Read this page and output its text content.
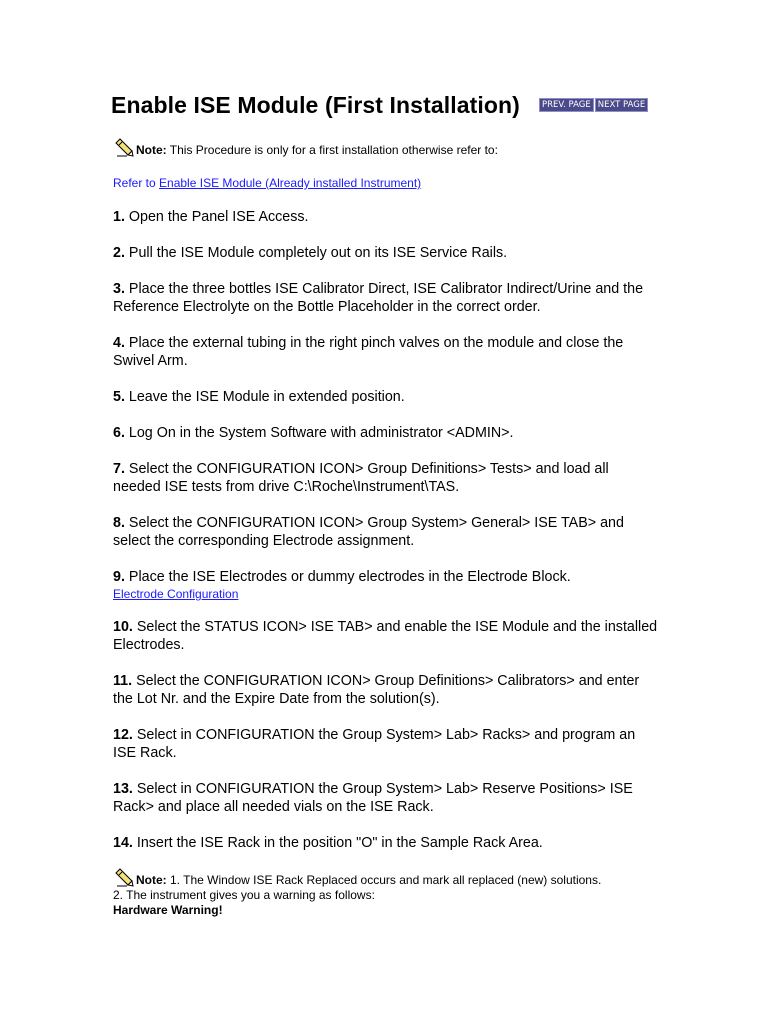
Enable ISE Module (First Installation)	PREV. PAGE NEXT PAGE
Note: This Procedure is only for a first installation otherwise refer to:
Refer to Enable ISE Module (Already installed Instrument)

1. Open the Panel ISE Access.

2. Pull the ISE Module completely out on its ISE Service Rails.

3. Place the three bottles ISE Calibrator Direct, ISE Calibrator Indirect/Urine and the Reference Electrolyte on the Bottle Placeholder in the correct order.

4. Place the external tubing in the right pinch valves on the module and close the Swivel Arm.

5. Leave the ISE Module in extended position.

6. Log On in the System Software with administrator <ADMIN>.

7. Select the CONFIGURATION ICON> Group Definitions> Tests> and load all needed ISE tests from drive C:\Roche\Instrument\TAS.

8. Select the CONFIGURATION ICON> Group System> General> ISE TAB> and select the corresponding Electrode assignment.

9. Place the ISE Electrodes or dummy electrodes in the Electrode Block.
Electrode Configuration

10. Select the STATUS ICON> ISE TAB> and enable the ISE Module and the installed Electrodes.

11. Select the CONFIGURATION ICON> Group Definitions> Calibrators> and enter the Lot Nr. and the Expire Date from the solution(s).

12. Select in CONFIGURATION the Group System> Lab> Racks> and program an ISE Rack.

13. Select in CONFIGURATION the Group System> Lab> Reserve Positions> ISE Rack> and place all needed vials on the ISE Rack.

14. Insert the ISE Rack in the position "O" in the Sample Rack Area.

Note: 1. The Window ISE Rack Replaced occurs and mark all replaced (new) solutions.
2. The instrument gives you a warning as follows:
Hardware Warning!
